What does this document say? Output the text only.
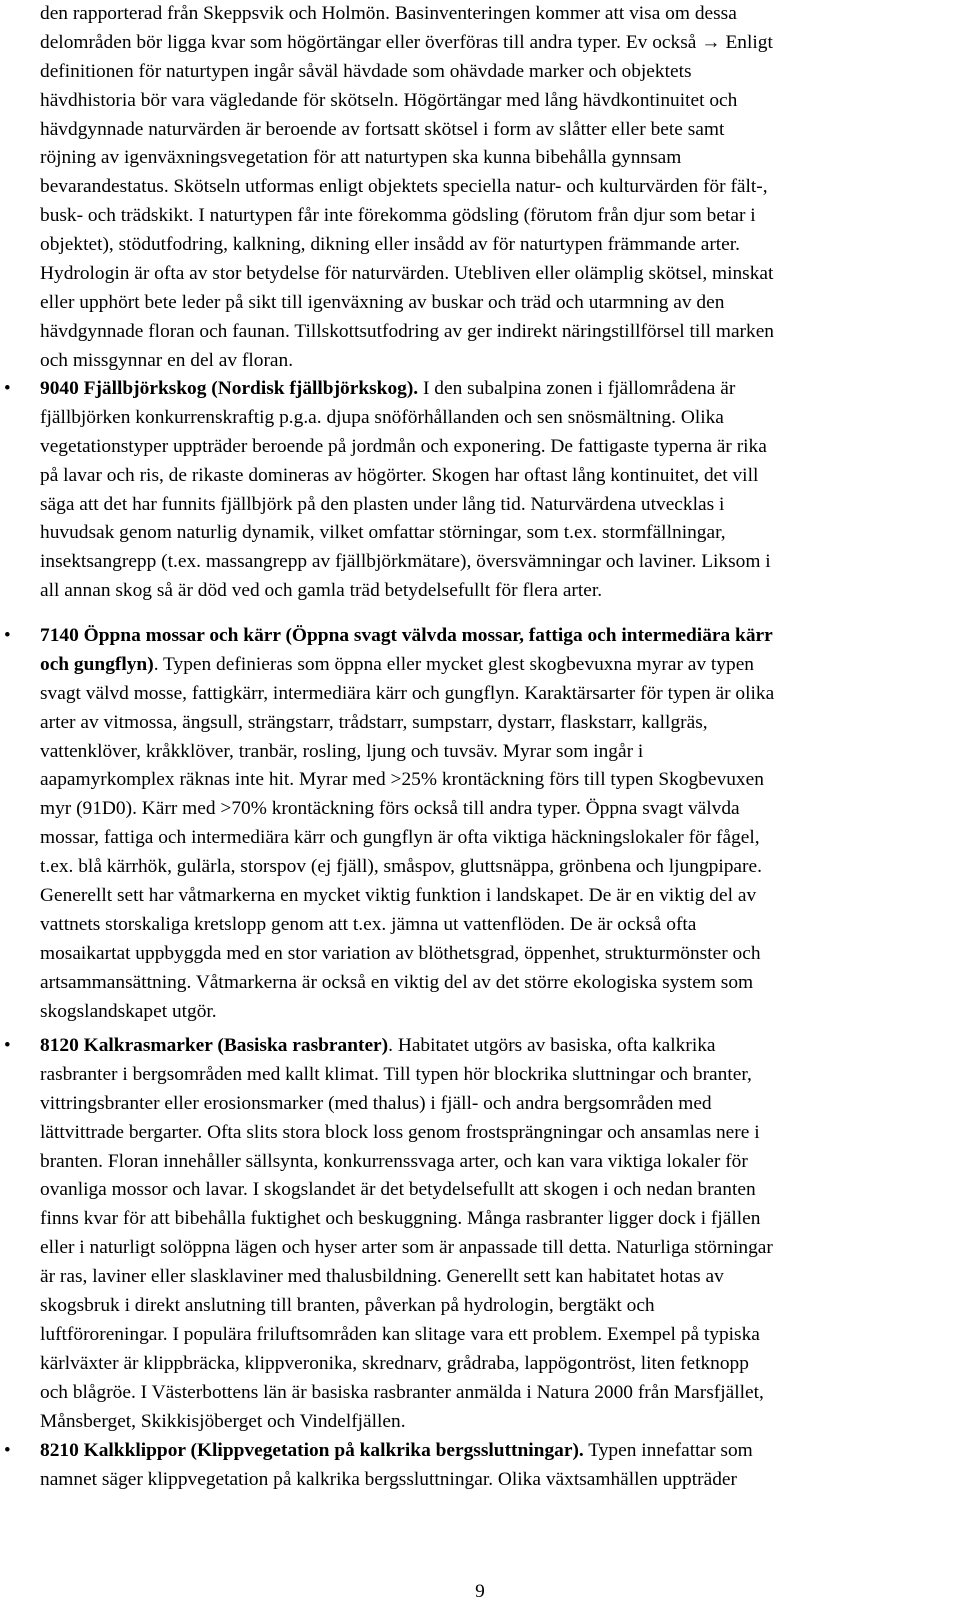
den rapporterad från Skeppsvik och Holmön. Basinventeringen kommer att visa om dessa
delområden bör ligga kvar som högörtängar eller överföras till andra typer. Ev också → Enligt
definitionen för naturtypen ingår såväl hävdade som ohävdade marker och objektets
hävdhistoria bör vara vägledande för skötseln. Högörtängar med lång hävdkontinuitet och
hävdgynnade naturvärden är beroende av fortsatt skötsel i form av slåtter eller bete samt
röjning av igenväxningsvegetation för att naturtypen ska kunna bibehålla gynnsam
bevarandestatus. Skötseln utformas enligt objektets speciella natur- och kulturvärden för fält-,
busk- och trädskikt. I naturtypen får inte förekomma gödsling (förutom från djur som betar i
objektet), stödutfodring, kalkning, dikning eller insådd av för naturtypen främmande arter.
Hydrologin är ofta av stor betydelse för naturvärden. Utebliven eller olämplig skötsel, minskat
eller upphört bete leder på sikt till igenväxning av buskar och träd och utarmning av den
hävdgynnade floran och faunan. Tillskottsutfodring av ger indirekt näringstillförsel till marken
och missgynnar en del av floran.
• 9040 Fjällbjörkskog (Nordisk fjällbjörkskog). I den subalpina zonen i fjällområdena är
fjällbjörken konkurrenskraftig p.g.a. djupa snöförhållanden och sen snösmältning. Olika
vegetationstyper uppträder beroende på jordmån och exponering. De fattigaste typerna är rika
på lavar och ris, de rikaste domineras av högörter. Skogen har oftast lång kontinuitet, det vill
säga att det har funnits fjällbjörk på den plasten under lång tid. Naturvärdena utvecklas i
huvudsak genom naturlig dynamik, vilket omfattar störningar, som t.ex. stormfällningar,
insektsangrepp (t.ex. massangrepp av fjällbjörkmätare), översvämningar och laviner. Liksom i
all annan skog så är död ved och gamla träd betydelsefullt för flera arter.
• 7140 Öppna mossar och kärr (Öppna svagt välvda mossar, fattiga och intermediära kärr
och gungflyn). Typen definieras som öppna eller mycket glest skogbevuxna myrar av typen
svagt välvd mosse, fattigkärr, intermediära kärr och gungflyn. Karaktärsarter för typen är olika
arter av vitmossa, ängsull, strängstarr, trådstarr, sumpstarr, dystarr, flaskstarr, kallgräs,
vattenklöver, kråkklöver, tranbär, rosling, ljung och tuvsäv. Myrar som ingår i
aapamyrkomplex räknas inte hit. Myrar med >25% krontäckning förs till typen Skogbevuxen
myr (91D0). Kärr med >70% krontäckning förs också till andra typer. Öppna svagt välvda
mossar, fattiga och intermediära kärr och gungflyn är ofta viktiga häckningslokaler för fågel,
t.ex. blå kärrhök, gulärla, storspov (ej fjäll), småspov, gluttsnäppa, grönbena och ljungpipare.
Generellt sett har våtmarkerna en mycket viktig funktion i landskapet. De är en viktig del av
vattnets storskaliga kretslopp genom att t.ex. jämna ut vattenflöden. De är också ofta
mosaikartat uppbyggda med en stor variation av blöthetsgrad, öppenhet, strukturmönster och
artsammansättning. Våtmarkerna är också en viktig del av det större ekologiska system som
skogslandskapet utgör.
• 8120 Kalkrasmarker (Basiska rasbranter). Habitatet utgörs av basiska, ofta kalkrika
rasbranter i bergsområden med kallt klimat. Till typen hör blockrika sluttningar och branter,
vittringsbranter eller erosionsmarker (med thalus) i fjäll- och andra bergsområden med
lättvittrade bergarter. Ofta slits stora block loss genom frostsprängningar och ansamlas nere i
branten. Floran innehåller sällsynta, konkurrenssvaga arter, och kan vara viktiga lokaler för
ovanliga mossor och lavar. I skogslandet är det betydelsefullt att skogen i och nedan branten
finns kvar för att bibehålla fuktighet och beskuggning. Många rasbranter ligger dock i fjällen
eller i naturligt solöppna lägen och hyser arter som är anpassade till detta. Naturliga störningar
är ras, laviner eller slasklaviner med thalusbildning. Generellt sett kan habitatet hotas av
skogsbruk i direkt anslutning till branten, påverkan på hydrologin, bergtäkt och
luftföroreningar. I populära friluftsområden kan slitage vara ett problem. Exempel på typiska
kärlväxter är klippbräcka, klippveronika, skrednarv, grådraba, lappögontröst, liten fetknopp
och blågröe. I Västerbottens län är basiska rasbranter anmälda i Natura 2000 från Marsfjället,
Månsberget, Skikkisjöberget och Vindelfjällen.
• 8210 Kalkklippor (Klippvegetation på kalkrika bergssluttningar). Typen innefattar som
namnet säger klippvegetation på kalkrika bergssluttningar. Olika växtsamhällen uppträder
9
